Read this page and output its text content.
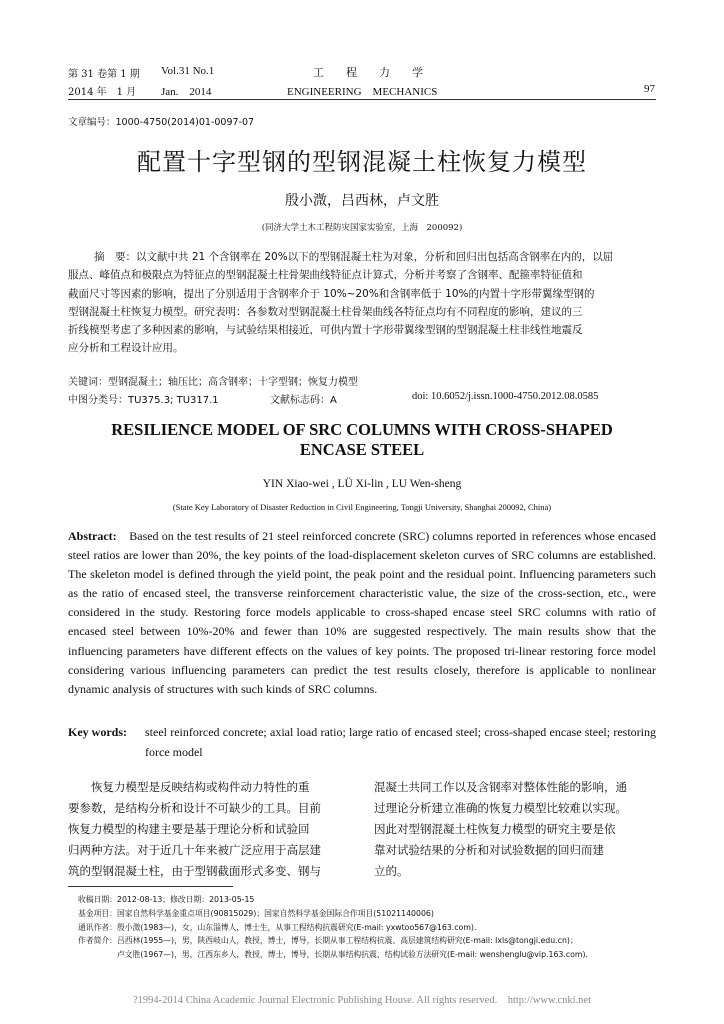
第 31 卷第 1 期 Vol.31 No.1	工　　程　　力　　学
2014 年　1 月 Jan.　2014	ENGINEERING　MECHANICS	97
文章编号：1000-4750(2014)01-0097-07
配置十字型钢的型钢混凝土柱恢复力模型
殷小溦，吕西林，卢文胜
(同济大学土木工程防灾国家实验室，上海　200092)
摘　要：以文献中共 21 个含钢率在 20%以下的型钢混凝土柱为对象，分析和回归出包括高含钢率在内的，以屈
服点、峰值点和极限点为特征点的型钢混凝土柱骨架曲线特征点计算式，分析并考察了含钢率、配箍率特征值和
截面尺寸等因素的影响，提出了分别适用于含钢率介于 10%~20%和含钢率低于 10%的内置十字形带翼缘型钢的
型钢混凝土柱恢复力模型。研究表明：各参数对型钢混凝土柱骨架曲线各特征点均有不同程度的影响，建议的三
折线模型考虑了多种因素的影响，与试验结果相接近，可供内置十字形带翼缘型钢的型钢混凝土柱非线性地震反
应分析和工程设计应用。
关键词：型钢混凝土；轴压比；高含钢率；十字型钢；恢复力模型
中图分类号：TU375.3; TU317.1	文献标志码：A	doi: 10.6052/j.issn.1000-4750.2012.08.0585
RESILIENCE MODEL OF SRC COLUMNS WITH CROSS-SHAPED
ENCASE STEEL
YIN Xiao-wei , LÜ Xi-lin , LU Wen-sheng
(State Key Laboratory of Disaster Reduction in Civil Engineering, Tongji University, Shanghai 200092, China)
Abstract: Based on the test results of 21 steel reinforced concrete (SRC) columns reported in references whose encased steel ratios are lower than 20%, the key points of the load-displacement skeleton curves of SRC columns are established. The skeleton model is defined through the yield point, the peak point and the residual point. Influencing parameters such as the ratio of encased steel, the transverse reinforcement characteristic value, the size of the cross-section, etc., were considered in the study. Restoring force models applicable to cross-shaped encase steel SRC columns with ratio of encased steel between 10%-20% and fewer than 10% are suggested respectively. The main results show that the influencing parameters have different effects on the values of key points. The proposed tri-linear restoring force model considering various influencing parameters can predict the test results closely, therefore is applicable to nonlinear dynamic analysis of structures with such kinds of SRC columns.
Key words: steel reinforced concrete; axial load ratio; large ratio of encased steel; cross-shaped encase steel; restoring force model
　　恢复力模型是反映结构或构件动力特性的重
要参数，是结构分析和设计不可缺少的工具。目前
恢复力模型的构建主要是基于理论分析和试验回
归两种方法。对于近几十年来被广泛应用于高层建
筑的型钢混凝土柱，由于型钢截面形式多变、钢与
混凝土共同工作以及含钢率对整体性能的影响，通
过理论分析建立准确的恢复力模型比较难以实现。
因此对型钢混凝土柱恢复力模型的研究主要是依
靠对试验结果的分析和对试验数据的回归而建
立的。
收稿日期：2012-08-13；修改日期：2013-05-15
基金项目：国家自然科学基金重点项目(90815029)；国家自然科学基金国际合作项目(51021140006)
通讯作者：殷小溦(1983—)，女，山东淄博人，博士生，从事工程结构抗震研究(E-mail: yxwtoo567@163.com).
作者简介：吕西林(1955—)，男，陕西岐山人，教授，博士，博导，长期从事工程结构抗震、高层建筑结构研究(E-mail: lxls@tongji.edu.cn)；
　　　　　卢文胜(1967—)，男，江西东乡人，教授，博士，博导，长期从事结构抗震、结构试验方法研究(E-mail: wenshenglu@vip.163.com).
?1994-2014 China Academic Journal Electronic Publishing House. All rights reserved.　http://www.cnki.net
